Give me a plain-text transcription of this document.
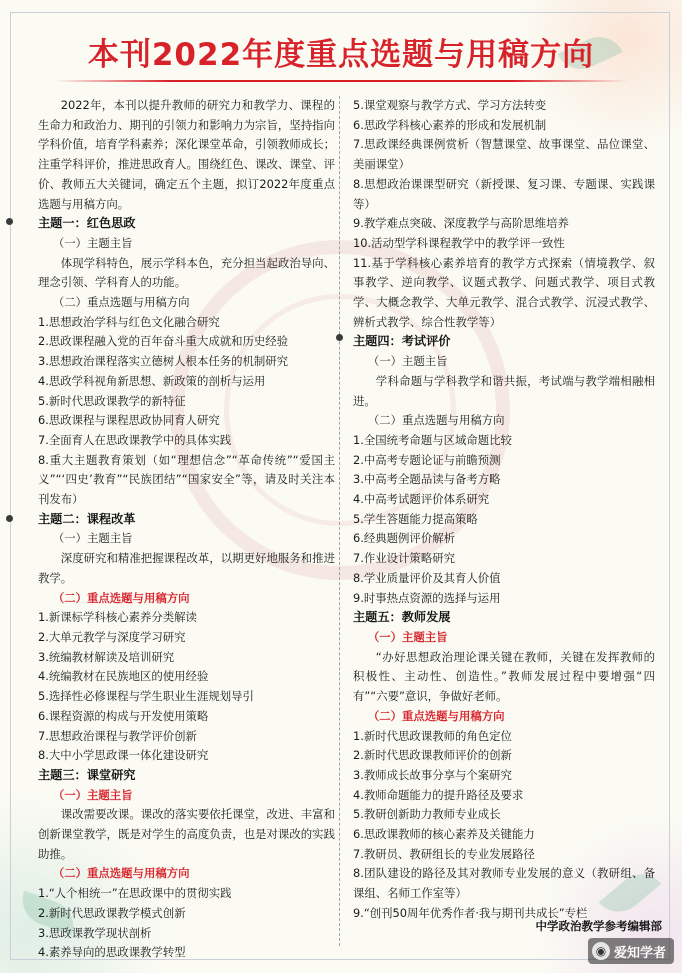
本刊2022年度重点选题与用稿方向

2022年，本刊以提升教师的研究力和教学力、课程的生命力和政治力、期刊的引领力和影响力为宗旨，坚持指向学科价值，培育学科素养；深化课堂革命，引领教师成长；注重学科评价，推进思政育人。围绕红色、课改、课堂、评价、教师五大关键词，确定五个主题，拟订2022年度重点选题与用稿方向。

主题一：红色思政

（一）主题主旨

体现学科特色，展示学科本色，充分担当起政治导向、理念引领、学科育人的功能。

（二）重点选题与用稿方向

1.思想政治学科与红色文化融合研究

2.思政课程融入党的百年奋斗重大成就和历史经验

3.思想政治课程落实立德树人根本任务的机制研究

4.思政学科视角新思想、新政策的剖析与运用

5.新时代思政课教学的新特征

6.思政课程与课程思政协同育人研究

7.全面育人在思政课教学中的具体实践

8.重大主题教育策划（如“理想信念”“革命传统”“爱国主义”“‘四史’教育”“民族团结”“国家安全”等，请及时关注本刊发布）

主题二：课程改革

（一）主题主旨

深度研究和精准把握课程改革，以期更好地服务和推进教学。

（二）重点选题与用稿方向

1.新课标学科核心素养分类解读

2.大单元教学与深度学习研究

3.统编教材解读及培训研究

4.统编教材在民族地区的使用经验

5.选择性必修课程与学生职业生涯规划导引

6.课程资源的构成与开发使用策略

7.思想政治课程与教学评价创新

8.大中小学思政课一体化建设研究

主题三：课堂研究

（一）主题主旨

课改需要改课。课改的落实要依托课堂，改进、丰富和创新课堂教学，既是对学生的高度负责，也是对课改的实践助推。

（二）重点选题与用稿方向

1.“人个相统一”在思政课中的贯彻实践

2.新时代思政课教学模式创新

3.思政课教学现状剖析

4.素养导向的思政课教学转型

5.课堂观察与教学方式、学习方法转变

6.思政学科核心素养的形成和发展机制

7.思政课经典课例赏析（智慧课堂、故事课堂、品位课堂、美丽课堂）

8.思想政治课课型研究（新授课、复习课、专题课、实践课等）

9.教学难点突破、深度教学与高阶思维培养

10.活动型学科课程教学中的教学评一致性

11.基于学科核心素养培育的教学方式探索（情境教学、叙事教学、逆向教学、议题式教学、问题式教学、项目式教学、大概念教学、大单元教学、混合式教学、沉浸式教学、辨析式教学、综合性教学等）

主题四：考试评价

（一）主题主旨

学科命题与学科教学和谐共振，考试端与教学端相融相进。

（二）重点选题与用稿方向

1.全国统考命题与区域命题比较

2.中高考专题论证与前瞻预测

3.中高考全题品读与备考方略

4.中高考试题评价体系研究

5.学生答题能力提高策略

6.经典题例评价解析

7.作业设计策略研究

8.学业质量评价及其育人价值

9.时事热点资源的选择与运用

主题五：教师发展

（一）主题主旨

“办好思想政治理论课关键在教师，关键在发挥教师的积极性、主动性、创造性。”教师发展过程中要增强“四有”“六要”意识，争做好老师。

（二）重点选题与用稿方向

1.新时代思政课教师的角色定位

2.新时代思政课教师评价的创新

3.教师成长故事分享与个案研究

4.教师命题能力的提升路径及要求

5.教研创新助力教师专业成长

6.思政课教师的核心素养及关键能力

7.教研员、教研组长的专业发展路径

8.团队建设的路径及其对教师专业发展的意义（教研组、备课组、名师工作室等）

9.“创刊50周年优秀作者·我与期刊共成长”专栏

中学政治教学参考编辑部
◉ 爱知学者
